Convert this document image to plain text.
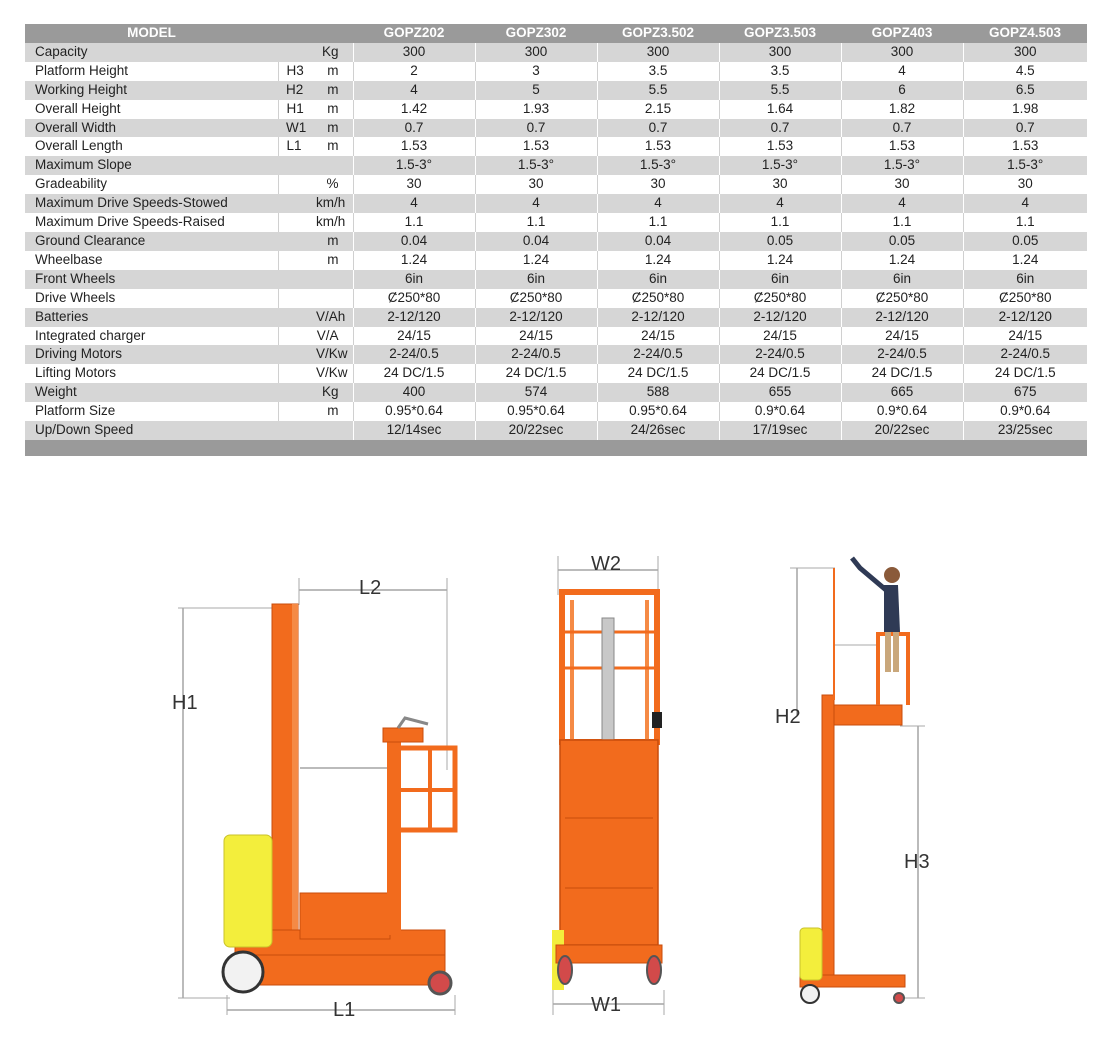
MODEL			GOPZ202	GOPZ302	GOPZ3.502	GOPZ3.503	GOPZ403	GOPZ4.503
Capacity		Kg	300	300	300	300	300	300
Platform Height	H3	m	2	3	3.5	3.5	4	4.5
Working Height	H2	m	4	5	5.5	5.5	6	6.5
Overall Height	H1	m	1.42	1.93	2.15	1.64	1.82	1.98
Overall Width	W1	m	0.7	0.7	0.7	0.7	0.7	0.7
Overall Length	L1	m	1.53	1.53	1.53	1.53	1.53	1.53
Maximum Slope			1.5-3°	1.5-3°	1.5-3°	1.5-3°	1.5-3°	1.5-3°
Gradeability		%	30	30	30	30	30	30
Maximum Drive Speeds-Stowed		km/h	4	4	4	4	4	4
Maximum Drive Speeds-Raised		km/h	1.1	1.1	1.1	1.1	1.1	1.1
Ground Clearance		m	0.04	0.04	0.04	0.05	0.05	0.05
Wheelbase		m	1.24	1.24	1.24	1.24	1.24	1.24
Front Wheels			6in	6in	6in	6in	6in	6in
Drive Wheels			Ȼ250*80	Ȼ250*80	Ȼ250*80	Ȼ250*80	Ȼ250*80	Ȼ250*80
Batteries		V/Ah	2-12/120	2-12/120	2-12/120	2-12/120	2-12/120	2-12/120
Integrated charger		V/A	24/15	24/15	24/15	24/15	24/15	24/15
Driving Motors		V/Kw	2-24/0.5	2-24/0.5	2-24/0.5	2-24/0.5	2-24/0.5	2-24/0.5
Lifting Motors		V/Kw	24 DC/1.5	24 DC/1.5	24 DC/1.5	24 DC/1.5	24 DC/1.5	24 DC/1.5
Weight		Kg	400	574	588	655	665	675
Platform Size		m	0.95*0.64	0.95*0.64	0.95*0.64	0.9*0.64	0.9*0.64	0.9*0.64
Up/Down Speed			12/14sec	20/22sec	24/26sec	17/19sec	20/22sec	23/25sec

H1
L2
L1
W2
W1
H2
H3
